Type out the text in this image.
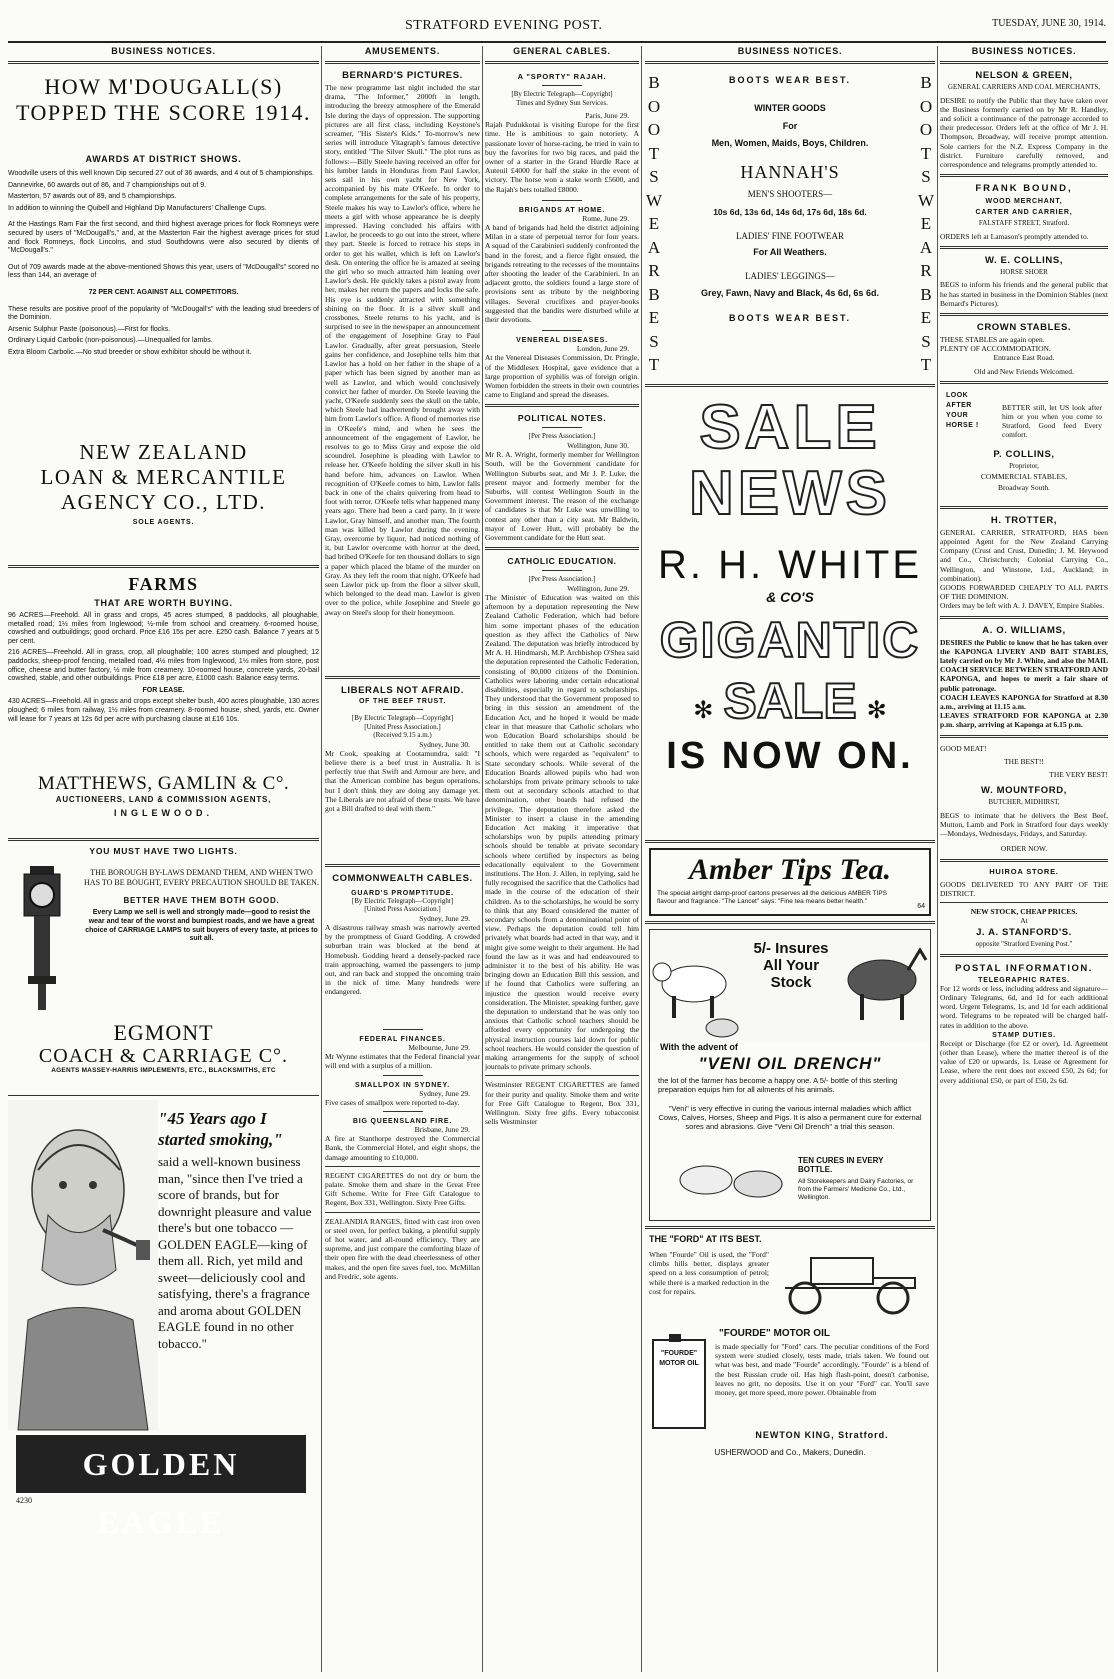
STRATFORD EVENING POST.	TUESDAY, JUNE 30, 1914.
BUSINESS NOTICES.
HOW M'DOUGALL(S)
TOPPED THE SCORE 1914.
AWARDS AT DISTRICT SHOWS.

Woodville users of this well known Dip secured 27 out of 36 awards, and 4 out of 5 championships.

Dannevirke, 60 awards out of 86, and 7 championships out of 9.

Masterton, 57 awards out of 89, and 5 championships.

In addition to winning the Quibell and Highland Dip Manufacturers' Challenge Cups.

At the Hastings Ram Fair the first second, and third highest average prices for flock Romneys were secured by users of "McDougall's," and, at the Masterton Fair the highest average prices for stud and flock Romneys, flock Lincolns, and stud Southdowns were also secured by clients of "McDougall's."

Out of 709 awards made at the above-mentioned Shows this year, users of "McDougall's" scored no less than 144, an average of

72 PER CENT. AGAINST ALL COMPETITORS.

These results are positive proof of the popularity of "McDougall's" with the leading stud breeders of the Dominion.

Arsenic Sulphur Paste (poisonous).—First for flocks.

Ordinary Liquid Carbolic (non-poisonous).—Unequalled for lambs.

Extra Bloom Carbolic.—No stud breeder or show exhibitor should be without it.

NEW ZEALAND
LOAN & MERCANTILE
AGENCY CO., LTD.
SOLE AGENTS.
FARMS
THAT ARE WORTH BUYING.

96 ACRES—Freehold. All in grass and crops, 45 acres stumped, 8 paddocks, all ploughable, metalled road; 1½ miles from Inglewood; ½-mile from school and creamery. 6-roomed house, cowshed and outbuildings; good orchard. Price £16 15s per acre. £250 cash. Balance 7 years at 5 per cent.

216 ACRES—Freehold. All in grass, crop, all ploughable; 100 acres stumped and ploughed; 12 paddocks, sheep-proof fencing, metalled road, 4½ miles from Inglewood, 1½ miles from store, post office, cheese and butter factory, ½ mile from creamery. 10-roomed house, concrete yards, 20-bail cowshed, stable, and other outbuildings. Price £18 per acre, £1000 cash. Balance easy terms.

FOR LEASE.

430 ACRES—Freehold. All in grass and crops except shelter bush, 400 acres ploughable, 130 acres ploughed; 6 miles from railway, 1½ miles from creamery. 8-roomed house, shed, yards, etc. Owner will lease for 7 years at 12s 6d per acre with purchasing clause at £16 10s.

MATTHEWS, GAMLIN & C°.
AUCTIONEERS, LAND & COMMISSION AGENTS,
INGLEWOOD.
YOU MUST HAVE TWO LIGHTS.
THE BOROUGH BY-LAWS DEMAND THEM, AND WHEN TWO HAS TO BE BOUGHT, EVERY PRECAUTION SHOULD BE TAKEN.
BETTER HAVE THEM BOTH GOOD.
Every Lamp we sell is well and strongly made—good to resist the wear and tear of the worst and bumpiest roads, and we have a great choice of CARRIAGE LAMPS to suit buyers of every taste, at prices to suit all.
EGMONT
COACH & CARRIAGE C°.
AGENTS MASSEY-HARRIS IMPLEMENTS, ETC., BLACKSMITHS, ETC
"45 Years ago I
started smoking,"
said a well-known business man, "since then I've tried a score of brands, but for downright pleasure and value there's but one tobacco —GOLDEN EAGLE—king of them all. Rich, yet mild and sweet—deliciously cool and satisfying, there's a fragrance and aroma about GOLDEN EAGLE found in no other tobacco."
GOLDEN EAGLE
4230
AMUSEMENTS.
BERNARD'S PICTURES.
The new programme last night included the star drama, "The Informer," 2000ft in length, introducing the breezy atmosphere of the Emerald Isle during the days of oppression. The supporting pictures are all first class, including Keystone's screamer, "His Sister's Kids." To-morrow's new series will introduce Vitagraph's famous detective story, entitled "The Silver Skull." The plot runs as follows:—Billy Steele having received an offer for his lumber lands in Honduras from Paul Lawlor, sets sail in his own yacht for New York, accompanied by his mate O'Keefe. In order to complete arrangements for the sale of his property, Steele makes his way to Lawlor's office, where he meets a girl with whose appearance he is deeply impressed. Having concluded his affairs with Lawlor, he proceeds to go out into the street, where they part. Steele is forced to retrace his steps in order to get his wallet, which is left on Lawlor's desk. On entering the office he is amazed at seeing the girl who so much attracted him leaning over Lawlor's desk. He quickly takes a pistol away from her, makes her return the papers and locks the safe. His eye is suddenly attracted with something shining on the floor. It is a silver skull and crossbones. Steele returns to his yacht, and is surprised to see in the newspaper an announcement of the engagement of Josephine Gray to Paul Lawlor. Gradually, after great persuasion, Steele gains her confidence, and Josephine tells him that Lawlor has a hold on her father in the shape of a paper which has been signed by another man as well as Lawlor, and which would conclusively convict her father of murder. On Steele leaving the yacht, O'Keefe suddenly sees the skull on the table, which Steele had inadvertently brought away with him from Lawlor's office. A flood of memories rise in O'Keefe's mind, and when he sees the announcement of the engagement of Lawlor, he resolves to go to Miss Gray and expose the old scoundrel. Josephine is pleading with Lawlor to release her. O'Keefe holding the silver skull in his hand before him, advances on Lawlor. When recognition of O'Keefe comes to him, Lawlor falls back in one of the chairs quivering from head to foot with terror. O'Keefe tells what happened many years ago. There had been a card party. In it were Lawlor, Gray himself, and another man. The fourth man was killed by Lawlor during the evening. Gray, overcome by liquor, had noticed nothing of it, but Lawlor overcome with horror at the deed, had bribed O'Keefe for ten thousand dollars to sign a paper which placed the blame of the murder on Gray. As they left the room that night, O'Keefe had seen Lawlor pick up from the floor a silver skull, which belonged to the dead man. Lawlor is given over to the police, while Josephine and Steele go away on Steel's sloop for their honeymoon.
LIBERALS NOT AFRAID.
OF THE BEEF TRUST.
[By Electric Telegraph—Copyright]
[United Press Association.]
(Received 9.15 a.m.)
Sydney, June 30.
Mr Cook, speaking at Cootamundra, said: "I believe there is a beef trust in Australia. It is perfectly true that Swift and Armour are here, and that the American combine has begun operations, but I don't think they are doing any damage yet. The Liberals are not afraid of these trusts. We have got a Bill drafted to deal with them."
COMMONWEALTH CABLES.
GUARD'S PROMPTITUDE.
[By Electric Telegraph—Copyright]
[United Press Association.]
Sydney, June 29.
A disastrous railway smash was narrowly averted by the promptness of Guard Godding. A crowded suburban train was blocked at the bend at Homebush. Godding heard a densely-packed race train approaching, warned the passengers to jump out, and ran back and stopped the oncoming train in the nick of time. Many hundreds were endangered.
FEDERAL FINANCES.
Melbourne, June 29.
Mr Wynne estimates that the Federal financial year will end with a surplus of a million.
SMALLPOX IN SYDNEY.
Sydney, June 29.
Five cases of smallpox were reported to-day.
BIG QUEENSLAND FIRE.
Brisbane, June 29.
A fire at Stanthorpe destroyed the Commercial Bank, the Commercial Hotel, and eight shops, the damage amounting to £10,000.
REGENT CIGARETTES do not dry or burn the palate. Smoke them and share in the Great Free Gift Scheme. Write for Free Gift Catalogue to Regent, Box 331, Wellington. Sixty Free Gifts.
ZEALANDIA RANGES, fitted with cast iron oven or steel oven, for perfect baking, a plentiful supply of hot water, and all-round efficiency. They are supreme, and just compare the comforting blaze of their open fire with the dead cheerlessness of other makes, and the open fire saves fuel, too. McMillan and Fredric, sole agents.
GENERAL CABLES.
A "SPORTY" RAJAH.
[By Electric Telegraph—Copyright]
Times and Sydney Sun Services.
Paris, June 29.
Rajah Pudukkotai is visiting Europe for the first time. He is ambitious to gain notoriety. A passionate lover of horse-racing, he tried in vain to buy the favorites for two big races, and paid the owner of a starter in the Grand Hurdle Race at Auteuil £4000 for half the stake in the event of victory. The horse won a stake worth £5600, and the Rajah's bets totalled £8000.
BRIGANDS AT HOME.
Rome, June 29.
A band of brigands had held the district adjoining Milan in a state of perpetual terror for four years. A squad of the Carabinieri suddenly confronted the band in the forest, and a fierce fight ensued, the brigands retreating to the recesses of the mountains after shooting the leader of the Carabinieri. In an adjacent grotto, the soldiers found a large store of provisions sent as tribute by the neighboring villages. Several crucifixes and prayer-books suggested that the bandits were disturbed while at their devotions.
VENEREAL DISEASES.
London, June 29.
At the Venereal Diseases Commission, Dr. Pringle, of the Middlesex Hospital, gave evidence that a large proportion of syphilis was of foreign origin. Women forbidden the streets in their own countries came to England and spread the diseases.
POLITICAL NOTES.
[Per Press Association.]
Wellington, June 30.
Mr R. A. Wright, formerly member for Wellington South, will be the Government candidate for Wellington Suburbs seat, and Mr J. P. Luke, the present mayor and formerly member for the Suburbs, will contest Wellington South in the Government interest. The reason of the exchange of candidates is that Mr Luke was unwilling to contest any other than a city seat. Mr Baldwin, mayor of Lower Hutt, will probably be the Government candidate for the Hutt seat.
CATHOLIC EDUCATION.
[Per Press Association.]
Wellington, June 29.
The Minister of Education was waited on this afternoon by a deputation representing the New Zealand Catholic Federation, which had before him some important phases of the education question as they affect the Catholics of New Zealand. The deputation was briefly introduced by Mr A. H. Hindmarsh, M.P. Archbishop O'Shea said the deputation represented the Catholic Federation, consisting of 80,000 citizens of the Dominion. Catholics were laboring under certain educational disabilities, especially in regard to scholarships. They understood that the Government proposed to bring in this session an amendment of the Education Act, and he hoped it would be made clear in that measure that Catholic scholars who won Education Board scholarships should be entitled to take them out at Catholic secondary schools, which were regarded as "equivalent" to State secondary schools. While several of the Education Boards allowed pupils who had won scholarships from private primary schools to take them out at secondary schools attached to that denomination, other boards had refused the privilege. The deputation therefore asked the Minister to insert a clause in the amending Education Act making it imperative that scholarships won by pupils attending primary schools should be tenable at private secondary schools where certified by inspectors as being educationally equivalent to the Government institutions. The Hon. J. Allen, in replying, said he fully recognised the sacrifice that the Catholics had made in the course of the education of their children. As to the scholarships, he would be sorry to think that any Board considered the matter of secondary schools from a denominational point of view. Perhaps the deputation could tell him privately what boards had acted in that way, and it might give some weight to their argument. He had found the law as it was and had endeavoured to administer it to the best of his ability. He was bringing down an Education Bill this session, and if he found that Catholics were suffering an injustice the question would receive every consideration. The Minister, speaking further, gave the deputation to understand that he was only too anxious that Catholic school teachers should be afforded every opportunity for undergoing the physical instruction courses laid down for public school teachers. He would consider the question of making arrangements for the supply of school journals to private primary schools.
Westminster REGENT CIGARETTES are famed for their purity and quality. Smoke them and write for Free Gift Catalogue to Regent, Box 331, Wellington. Sixty free gifts. Every tobacconist sells Westminster
BUSINESS NOTICES.
B
O
O
T
S
W
E
A
R
B
E
S
T
B
O
O
T
S
W
E
A
R
B
E
S
T
BOOTS WEAR BEST.
WINTER GOODS
For
Men, Women, Maids, Boys, Children.
HANNAH'S
MEN'S SHOOTERS—
10s 6d, 13s 6d, 14s 6d, 17s 6d, 18s 6d.
LADIES' FINE FOOTWEAR
For All Weathers.
LADIES' LEGGINGS—
Grey, Fawn, Navy and Black, 4s 6d, 6s 6d.
BOOTS WEAR BEST.
SALE
NEWS
R. H. WHITE
& CO'S
GIGANTIC
✻ SALE ✻
IS NOW ON.
Amber Tips Tea.
The special airtight damp-proof cartons preserves all the delicious AMBER TIPS flavour and fragrance. "The Lancet" says: "Fine tea means better health."
64
5/- Insures All Your Stock
With the advent of
"VENI OIL DRENCH"
the lot of the farmer has become a happy one. A 5/- bottle of this sterling preparation equips him for all ailments of his animals.
"Veni" is very effective in curing the various internal maladies which afflict Cows, Calves, Horses, Sheep and Pigs. It is also a permanent cure for external sores and abrasions. Give "Veni Oil Drench" a trial this season.
TEN CURES IN EVERY BOTTLE.
All Storekeepers and Dairy Factories, or from the Farmers' Medicine Co., Ltd., Wellington.
THE "FORD" AT ITS BEST.
When "Fourde" Oil is used, the "Ford" climbs hills better, displays greater speed on a less consumption of petrol; while there is a marked reduction in the cost for repairs.
"FOURDE"
MOTOR OIL
"FOURDE" MOTOR OIL
is made specially for "Ford" cars. The peculiar conditions of the Ford system were studied closely, tests made, trials taken. We found out what was best, and made "Fourde" accordingly. "Fourde" is a blend of the best Russian crude oil. Has high flash-point, doesn't carbonise, leaves no grit, no deposits. Use it on your "Ford" car. You'll save money, get more speed, more power. Obtainable from
NEWTON KING, Stratford.
USHERWOOD and Co., Makers, Dunedin.
BUSINESS NOTICES.
NELSON & GREEN,
GENERAL CARRIERS AND COAL MERCHANTS,
DESIRE to notify the Public that they have taken over the Business formerly carried on by Mr R. Handley, and solicit a continuance of the patronage accorded to their predecessor. Orders left at the office of Mr J. H. Thompson, Broadway, will receive prompt attention. Sole carriers for the N.Z. Express Company in the district. Furniture carefully removed, and correspondence and telegrams promptly attended to.
FRANK BOUND,
WOOD MERCHANT,
CARTER AND CARRIER,
FALSTAFF STREET, Stratford.
ORDERS left at Lamason's promptly attended to.
W. E. COLLINS,
HORSE SHOER
BEGS to inform his friends and the general public that he has started in business in the Dominion Stables (next Bernard's Pictures).
CROWN STABLES.
THESE STABLES are again open.
PLENTY OF ACCOMMODATION.
Entrance East Road.
Old and New Friends Welcomed.
LOOK
AFTER
YOUR
HORSE !
BETTER still, let US look after him or you when you come to Stratford. Good feed Every comfort.
P. COLLINS,
Proprietor,
COMMERCIAL STABLES,
Broadway South.
H. TROTTER,
GENERAL CARRIER, STRATFORD, HAS been appointed Agent for the New Zealand Carrying Company (Crust and Crust, Dunedin; J. M. Heywood and Co., Christchurch; Colonial Carrying Co., Wellington, and Winstone, Ltd., Auckland; in combination).
GOODS FORWARDED CHEAPLY TO ALL PARTS OF THE DOMINION.
Orders may be left with A. J. DAVEY, Empire Stables.
A. O. WILLIAMS,
DESIRES the Public to know that he has taken over the KAPONGA LIVERY AND BAIT STABLES, lately carried on by Mr J. White, and also the MAIL COACH SERVICE BETWEEN STRATFORD AND KAPONGA, and hopes to merit a fair share of public patronage.
COACH LEAVES KAPONGA for Stratford at 8.30 a.m., arriving at 11.15 a.m.
LEAVES STRATFORD FOR KAPONGA at 2.30 p.m. sharp, arriving at Kaponga at 6.15 p.m.
GOOD MEAT!
THE BEST!!
THE VERY BEST!
W. MOUNTFORD,
BUTCHER, MIDHIRST,
BEGS to intimate that he delivers the Best Beef, Mutton, Lamb and Pork in Stratford four days weekly—Mondays, Wednesdays, Fridays, and Saturday.
ORDER NOW.
HUIROA STORE.
GOODS DELIVERED TO ANY PART OF THE DISTRICT.
NEW STOCK, CHEAP PRICES.
At
J. A. STANFORD'S.
opposite "Stratford Evening Post."
POSTAL INFORMATION.
TELEGRAPHIC RATES.
For 12 words or less, including address and signature— Ordinary Telegrams, 6d, and 1d for each additional word. Urgent Telegrams, 1s, and 1d for each additional word. Telegrams to be repeated will be charged half-rates in addition to the above.
STAMP DUTIES.
Receipt or Discharge (for £2 or over), 1d. Agreement (other than Lease), where the matter thereof is of the value of £20 or upwards, 1s. Lease or Agreement for Lease, where the rent does not exceed £50, 2s 6d; for every additional £50, or part of £50, 2s 6d.
